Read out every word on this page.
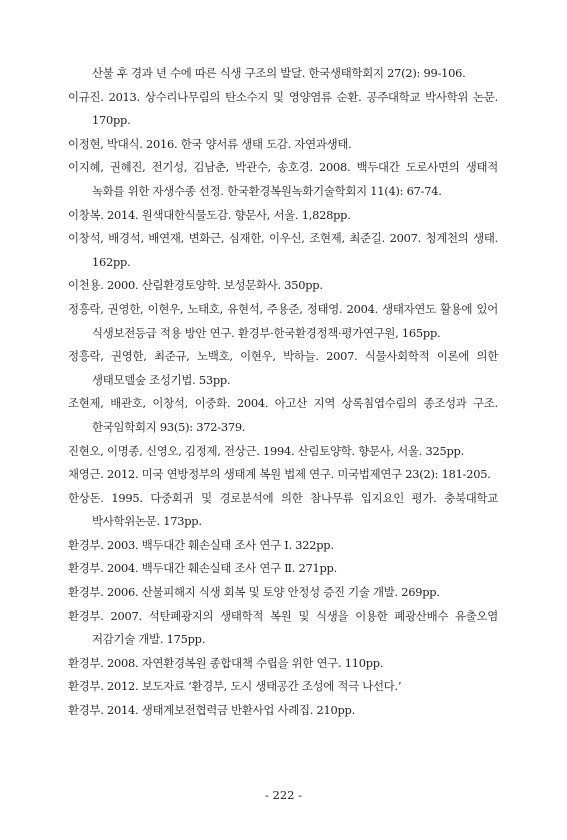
산불 후 경과 년 수에 따른 식생 구조의 발달. 한국생태학회지 27(2): 99-106.
이규진. 2013. 상수리나무림의 탄소수지 및 영양염류 순환. 공주대학교 박사학위 논문. 170pp.
이정현, 박대식. 2016. 한국 양서류 생태 도감. 자연과생태.
이지혜, 권혜진, 전기성, 김남춘, 박관수, 송호경. 2008. 백두대간 도로사면의 생태적 녹화를 위한 자생수종 선정. 한국환경복원녹화기술학회지 11(4): 67-74.
이창복. 2014. 원색대한식물도감. 향문사, 서울. 1,828pp.
이창석, 배경석, 배연재, 변화근, 심재한, 이우신, 조현제, 최준길. 2007. 청계천의 생태. 162pp.
이천용. 2000. 산림환경토양학. 보성문화사. 350pp.
정흥락, 권영한, 이현우, 노태호, 유현석, 주용준, 정태영. 2004. 생태자연도 활용에 있어 식생보전등급 적용 방안 연구. 환경부·한국환경정책·평가연구원, 165pp.
정흥락, 권영한, 최준규, 노백호, 이현우, 박하늘. 2007. 식물사회학적 이론에 의한 생태모델숲 조성기법. 53pp.
조현제, 배관호, 이창석, 이중화. 2004. 아고산 지역 상록침엽수림의 종조성과 구조. 한국임학회지 93(5): 372-379.
진현오, 이명종, 신영오, 김정제, 전상근. 1994. 산림토양학. 향문사, 서울. 325pp.
채영근. 2012. 미국 연방정부의 생태계 복원 법제 연구. 미국법제연구 23(2): 181-205.
한상돈. 1995. 다중회귀 및 경로분석에 의한 참나무류 입지요인 평가. 충북대학교 박사학위논문. 173pp.
환경부. 2003. 백두대간 훼손실태 조사 연구 Ⅰ. 322pp.
환경부. 2004. 백두대간 훼손실태 조사 연구 Ⅱ. 271pp.
환경부. 2006. 산불피해지 식생 회복 및 토양 안정성 증진 기술 개발. 269pp.
환경부. 2007. 석탄폐광지의 생태학적 복원 및 식생을 이용한 폐광산배수 유출오염 저감기술 개발. 175pp.
환경부. 2008. 자연환경복원 종합대책 수립을 위한 연구. 110pp.
환경부. 2012. 보도자료 ‘환경부, 도시 생태공간 조성에 적극 나선다.’
환경부. 2014. 생태계보전협력금 반환사업 사례집. 210pp.
- 222 -
